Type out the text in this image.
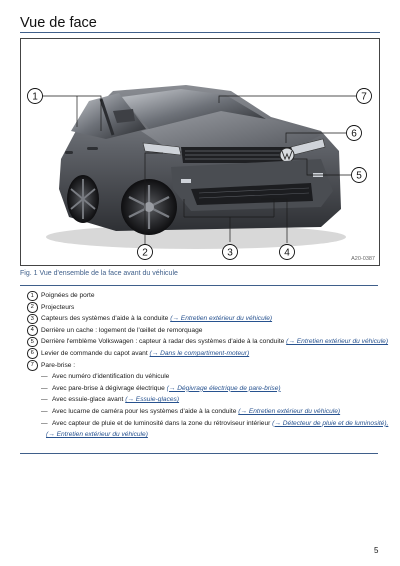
Vue de face
1	7
6
5
2	3	4
A20-0387
Fig. 1 Vue d'ensemble de la face avant du véhicule
1	Poignées de porte
2	Projecteurs
3	Capteurs des systèmes d'aide à la conduite (→ Entretien extérieur du véhicule)
4	Derrière un cache : logement de l'œillet de remorquage
5	Derrière l'emblème Volkswagen : capteur à radar des systèmes d'aide à la conduite (→ Entretien extérieur du véhicule)
6	Levier de commande du capot avant (→ Dans le compartiment-moteur)
7	Pare-brise :
— Avec numéro d'identification du véhicule
— Avec pare-brise à dégivrage électrique (→ Dégivrage électrique de pare-brise)
— Avec essuie-glace avant (→ Essuie-glaces)
— Avec lucarne de caméra pour les systèmes d'aide à la conduite (→ Entretien extérieur du véhicule)
— Avec capteur de pluie et de luminosité dans la zone du rétroviseur intérieur (→ Détecteur de pluie et de luminosité),
(→ Entretien extérieur du véhicule)
5
